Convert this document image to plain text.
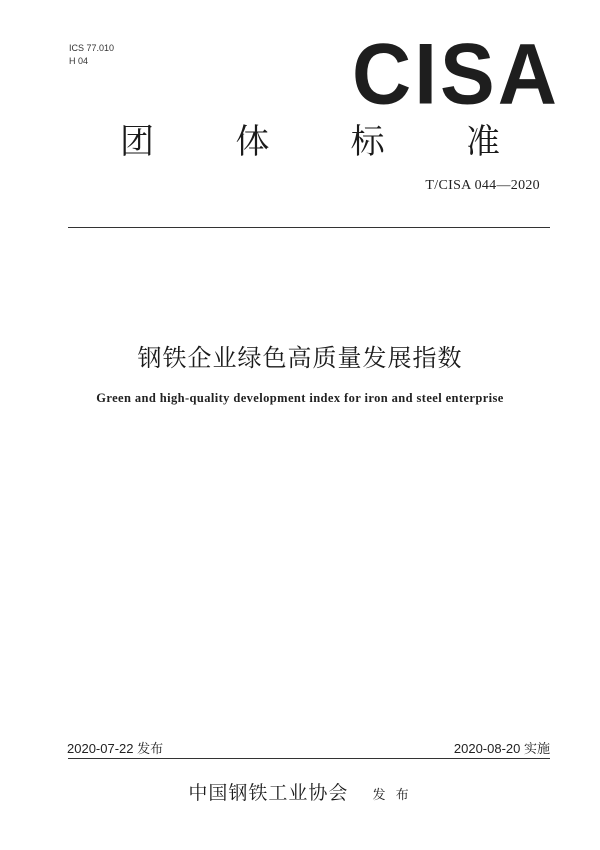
ICS 77.010
H 04	CISA
团 体 标 准
T/CISA 044—2020
钢铁企业绿色高质量发展指数
Green and high-quality development index for iron and steel enterprise
2020-07-22 发布	2020-08-20 实施
中国钢铁工业协会 发 布
